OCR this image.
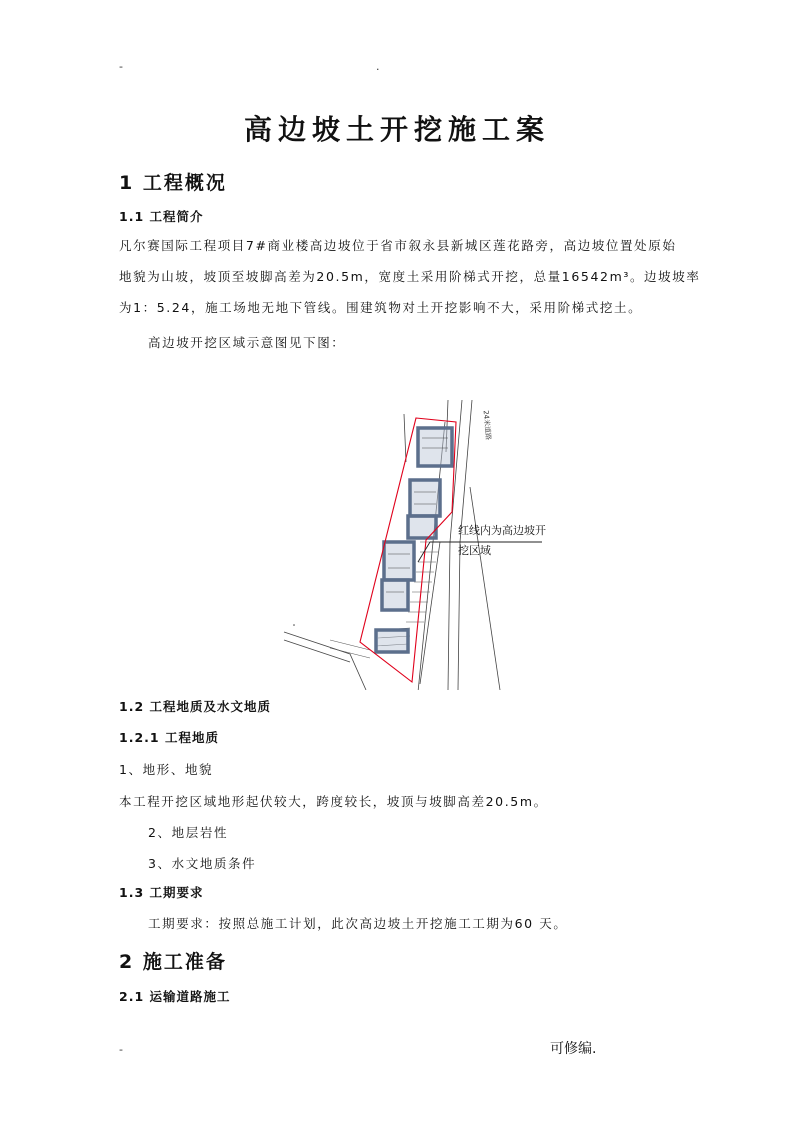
-	.
高边坡土开挖施工案
1 工程概况
1.1 工程简介
凡尔赛国际工程项目7#商业楼高边坡位于省市叙永县新城区莲花路旁，高边坡位置处原始
地貌为山坡，坡顶至坡脚高差为20.5m，宽度土采用阶梯式开挖，总量16542m³。边坡坡率
为1：5.24，施工场地无地下管线。围建筑物对土开挖影响不大，采用阶梯式挖土。
高边坡开挖区域示意图见下图：
24米道路
红线内为高边坡开
挖区域
1.2 工程地质及水文地质
1.2.1 工程地质
1、地形、地貌
本工程开挖区域地形起伏较大，跨度较长，坡顶与坡脚高差20.5m。
2、地层岩性
3、水文地质条件
1.3 工期要求
工期要求：按照总施工计划，此次高边坡土开挖施工工期为60 天。
2 施工准备
2.1 运输道路施工
-	可修编.
